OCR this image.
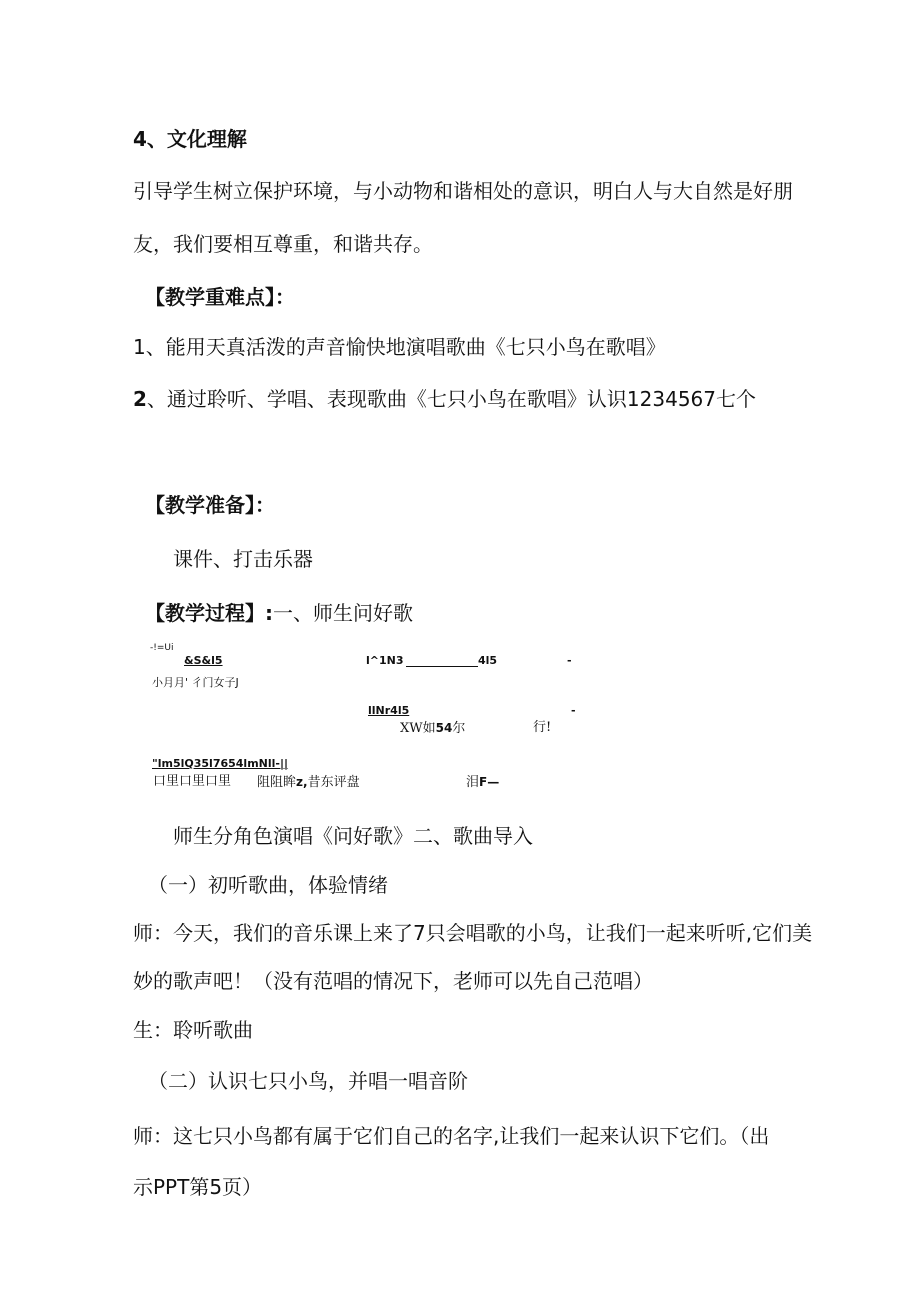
4、文化理解
引导学生树立保护环境，与小动物和谐相处的意识，明白人与大自然是好朋
友，我们要相互尊重，和谐共存。
【教学重难点】：
1、能用天真活泼的声音愉快地演唱歌曲《七只小鸟在歌唱》
2、通过聆听、学唱、表现歌曲《七只小鸟在歌唱》认识1234567七个
【教学准备】：
课件、打击乐器
【教学过程】:一、师生问好歌
-!=Ui
&S&l5	l^1N3	4l5	-
小月月' 彳门女子J
llNr4l5	-
XW如54尔	行!
"lm5lQ35l7654lmNll-||
口里口里口里 阻阻眸z,昔东评盘	泪F—
师生分角色演唱《问好歌》二、歌曲导入
（一）初听歌曲，体验情绪
师：今天，我们的音乐课上来了7只会唱歌的小鸟，让我们一起来听听,它们美
妙的歌声吧！（没有范唱的情况下，老师可以先自己范唱）
生：聆听歌曲
（二）认识七只小鸟，并唱一唱音阶
师：这七只小鸟都有属于它们自己的名字,让我们一起来认识下它们。（出
示PPT第5页）
